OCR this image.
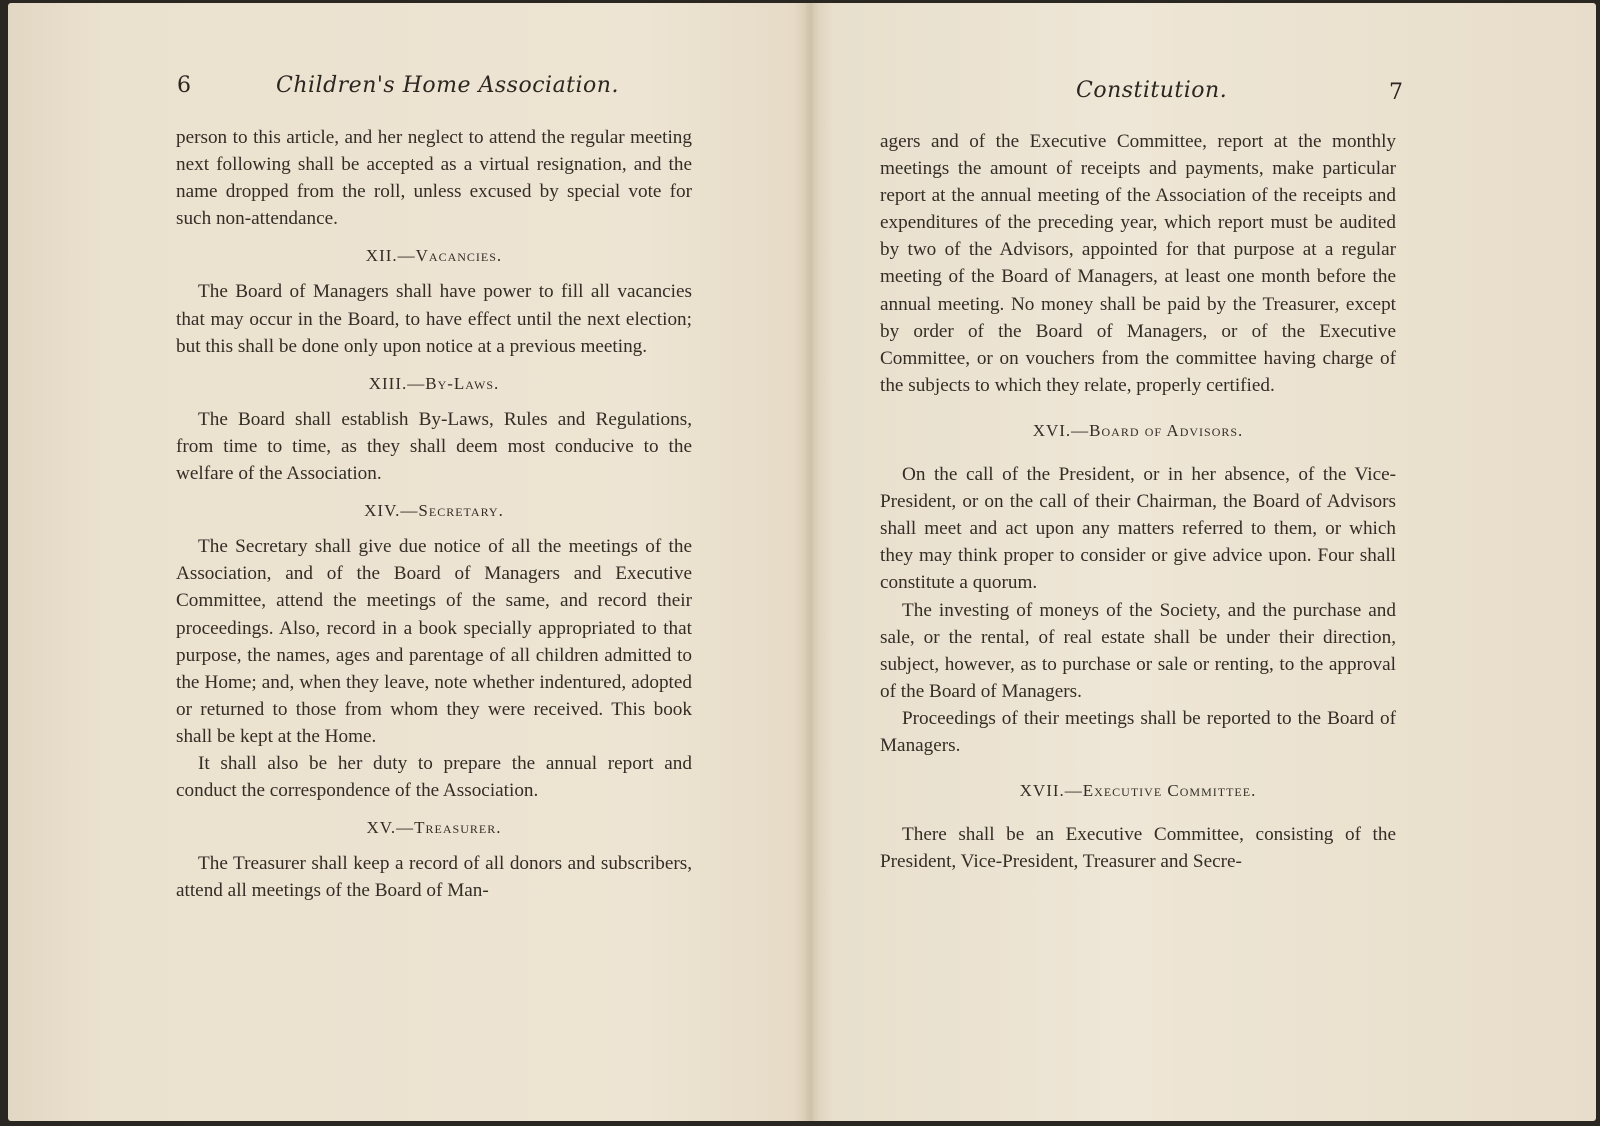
6	Children's Home Association.

person to this article, and her neglect to attend the regular meeting next following shall be accepted as a virtual resignation, and the name dropped from the roll, unless excused by special vote for such non-attendance.

XII.—Vacancies.

The Board of Managers shall have power to fill all vacancies that may occur in the Board, to have effect until the next election; but this shall be done only upon notice at a previous meeting.

XIII.—By-Laws.

The Board shall establish By-Laws, Rules and Regulations, from time to time, as they shall deem most conducive to the welfare of the Association.

XIV.—Secretary.

The Secretary shall give due notice of all the meetings of the Association, and of the Board of Managers and Executive Committee, attend the meetings of the same, and record their proceedings. Also, record in a book specially appropriated to that purpose, the names, ages and parentage of all children admitted to the Home; and, when they leave, note whether indentured, adopted or returned to those from whom they were received. This book shall be kept at the Home.

It shall also be her duty to prepare the annual report and conduct the correspondence of the Association.

XV.—Treasurer.

The Treasurer shall keep a record of all donors and subscribers, attend all meetings of the Board of Man-

Constitution.	7

agers and of the Executive Committee, report at the monthly meetings the amount of receipts and payments, make particular report at the annual meeting of the Association of the receipts and expenditures of the preceding year, which report must be audited by two of the Advisors, appointed for that purpose at a regular meeting of the Board of Managers, at least one month before the annual meeting. No money shall be paid by the Treasurer, except by order of the Board of Managers, or of the Executive Committee, or on vouchers from the committee having charge of the subjects to which they relate, properly certified.

XVI.—Board of Advisors.

On the call of the President, or in her absence, of the Vice-President, or on the call of their Chairman, the Board of Advisors shall meet and act upon any matters referred to them, or which they may think proper to consider or give advice upon. Four shall constitute a quorum.

The investing of moneys of the Society, and the purchase and sale, or the rental, of real estate shall be under their direction, subject, however, as to purchase or sale or renting, to the approval of the Board of Managers.

Proceedings of their meetings shall be reported to the Board of Managers.

XVII.—Executive Committee.

There shall be an Executive Committee, consisting of the President, Vice-President, Treasurer and Secre-
